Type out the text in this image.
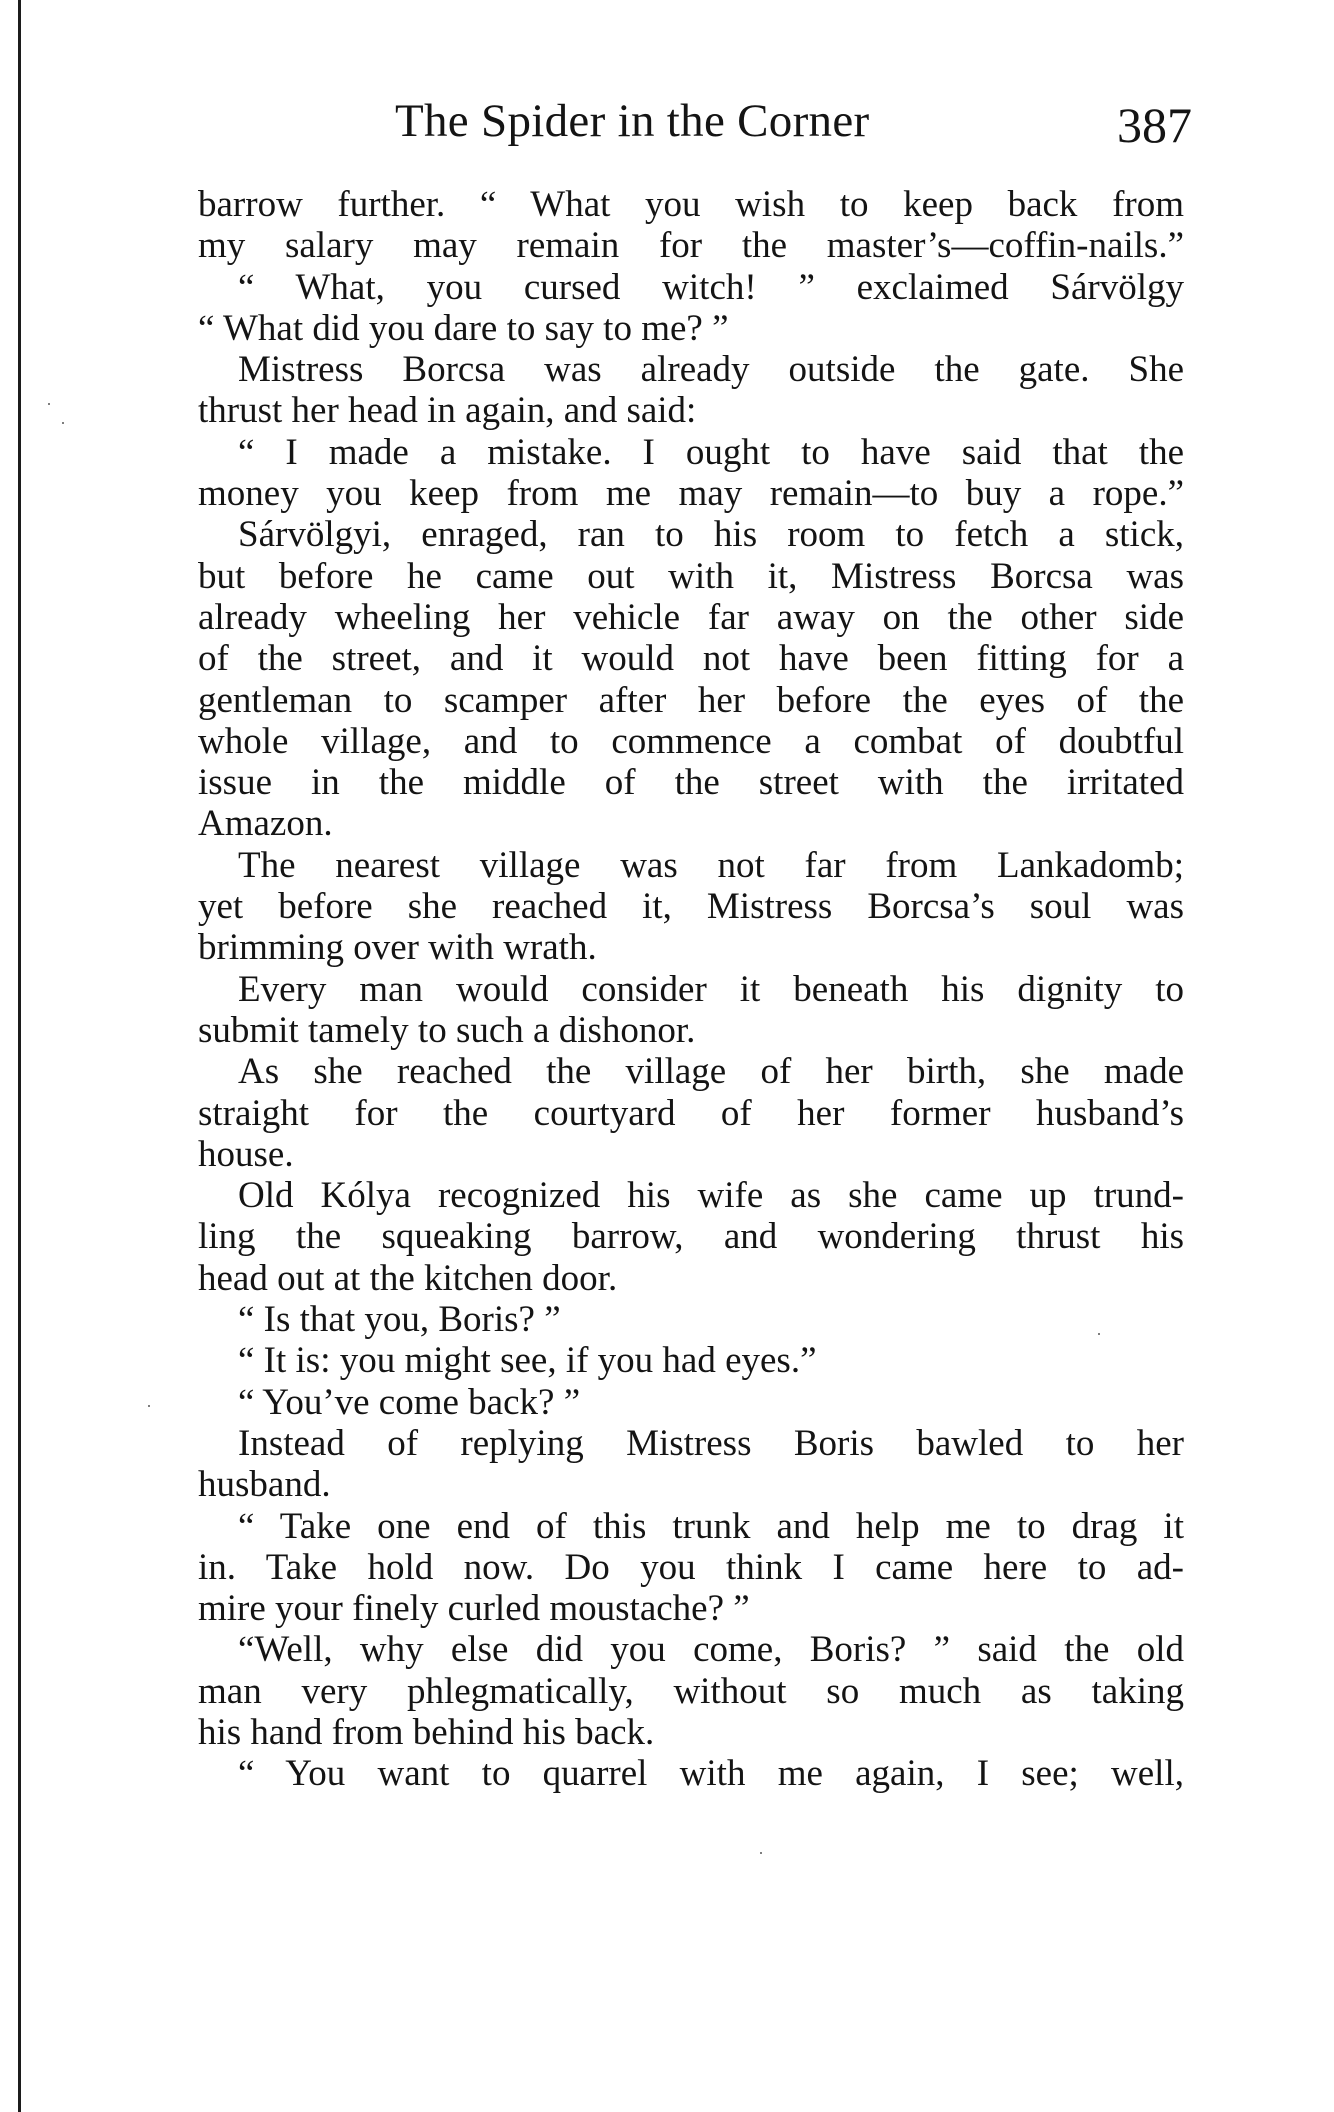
The Spider in the Corner	387
barrow further. “ What you wish to keep back from
my salary may remain for the master’s—coffin-nails.”
“ What, you cursed witch! ” exclaimed Sárvölgy
“ What did you dare to say to me? ”
Mistress Borcsa was already outside the gate. She
thrust her head in again, and said:
“ I made a mistake. I ought to have said that the
money you keep from me may remain—to buy a rope.”
Sárvölgyi, enraged, ran to his room to fetch a stick,
but before he came out with it, Mistress Borcsa was
already wheeling her vehicle far away on the other side
of the street, and it would not have been fitting for a
gentleman to scamper after her before the eyes of the
whole village, and to commence a combat of doubtful
issue in the middle of the street with the irritated
Amazon.
The nearest village was not far from Lankadomb;
yet before she reached it, Mistress Borcsa’s soul was
brimming over with wrath.
Every man would consider it beneath his dignity to
submit tamely to such a dishonor.
As she reached the village of her birth, she made
straight for the courtyard of her former husband’s
house.
Old Kólya recognized his wife as she came up trund-
ling the squeaking barrow, and wondering thrust his
head out at the kitchen door.
“ Is that you, Boris? ”
“ It is: you might see, if you had eyes.”
“ You’ve come back? ”
Instead of replying Mistress Boris bawled to her
husband.
“ Take one end of this trunk and help me to drag it
in. Take hold now. Do you think I came here to ad-
mire your finely curled moustache? ”
“Well, why else did you come, Boris? ” said the old
man very phlegmatically, without so much as taking
his hand from behind his back.
“ You want to quarrel with me again, I see; well,
